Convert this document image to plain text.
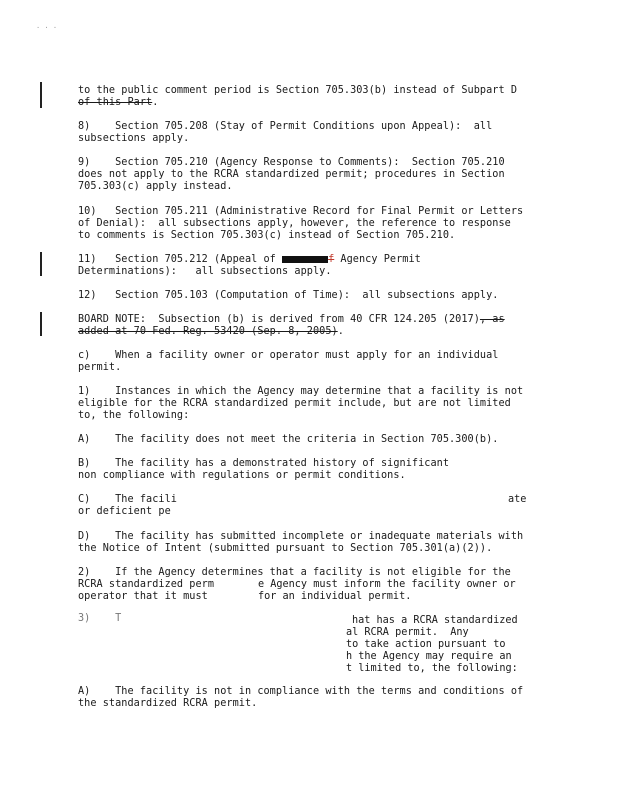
· · ·
to the public comment period is Section 705.303(b) instead of Subpart D
of this Part.
8)    Section 705.208 (Stay of Permit Conditions upon Appeal):  all
subsections apply.
9)    Section 705.210 (Agency Response to Comments):  Section 705.210
does not apply to the RCRA standardized permit; procedures in Section
705.303(c) apply instead.
10)   Section 705.211 (Administrative Record for Final Permit or Letters
of Denial):  all subsections apply, however, the reference to response
to comments is Section 705.303(c) instead of Section 705.210.
11)   Section 705.212 (Appeal of	f Agency Permit
Determinations):   all subsections apply.
12)   Section 705.103 (Computation of Time):  all subsections apply.
BOARD NOTE:  Subsection (b) is derived from 40 CFR 124.205 (2017), as
added at 70 Fed. Reg. 53420 (Sep. 8, 2005).
c)    When a facility owner or operator must apply for an individual
permit.
1)    Instances in which the Agency may determine that a facility is not
eligible for the RCRA standardized permit include, but are not limited
to, the following:
A)    The facility does not meet the criteria in Section 705.300(b).
B)    The facility has a demonstrated history of significant
non compliance with regulations or permit conditions.
C)    The facili	ate
or deficient pe
D)    The facility has submitted incomplete or inadequate materials with
the Notice of Intent (submitted pursuant to Section 705.301(a)(2)).
2)    If the Agency determines that a facility is not eligible for the
RCRA standardized perm	e Agency must inform the facility owner or
operator that it must	for an individual permit.
3)    T	hat has a RCRA standardized
al RCRA permit.  Any
to take action pursuant to
h the Agency may require an
t limited to, the following:
A)    The facility is not in compliance with the terms and conditions of
the standardized RCRA permit.
